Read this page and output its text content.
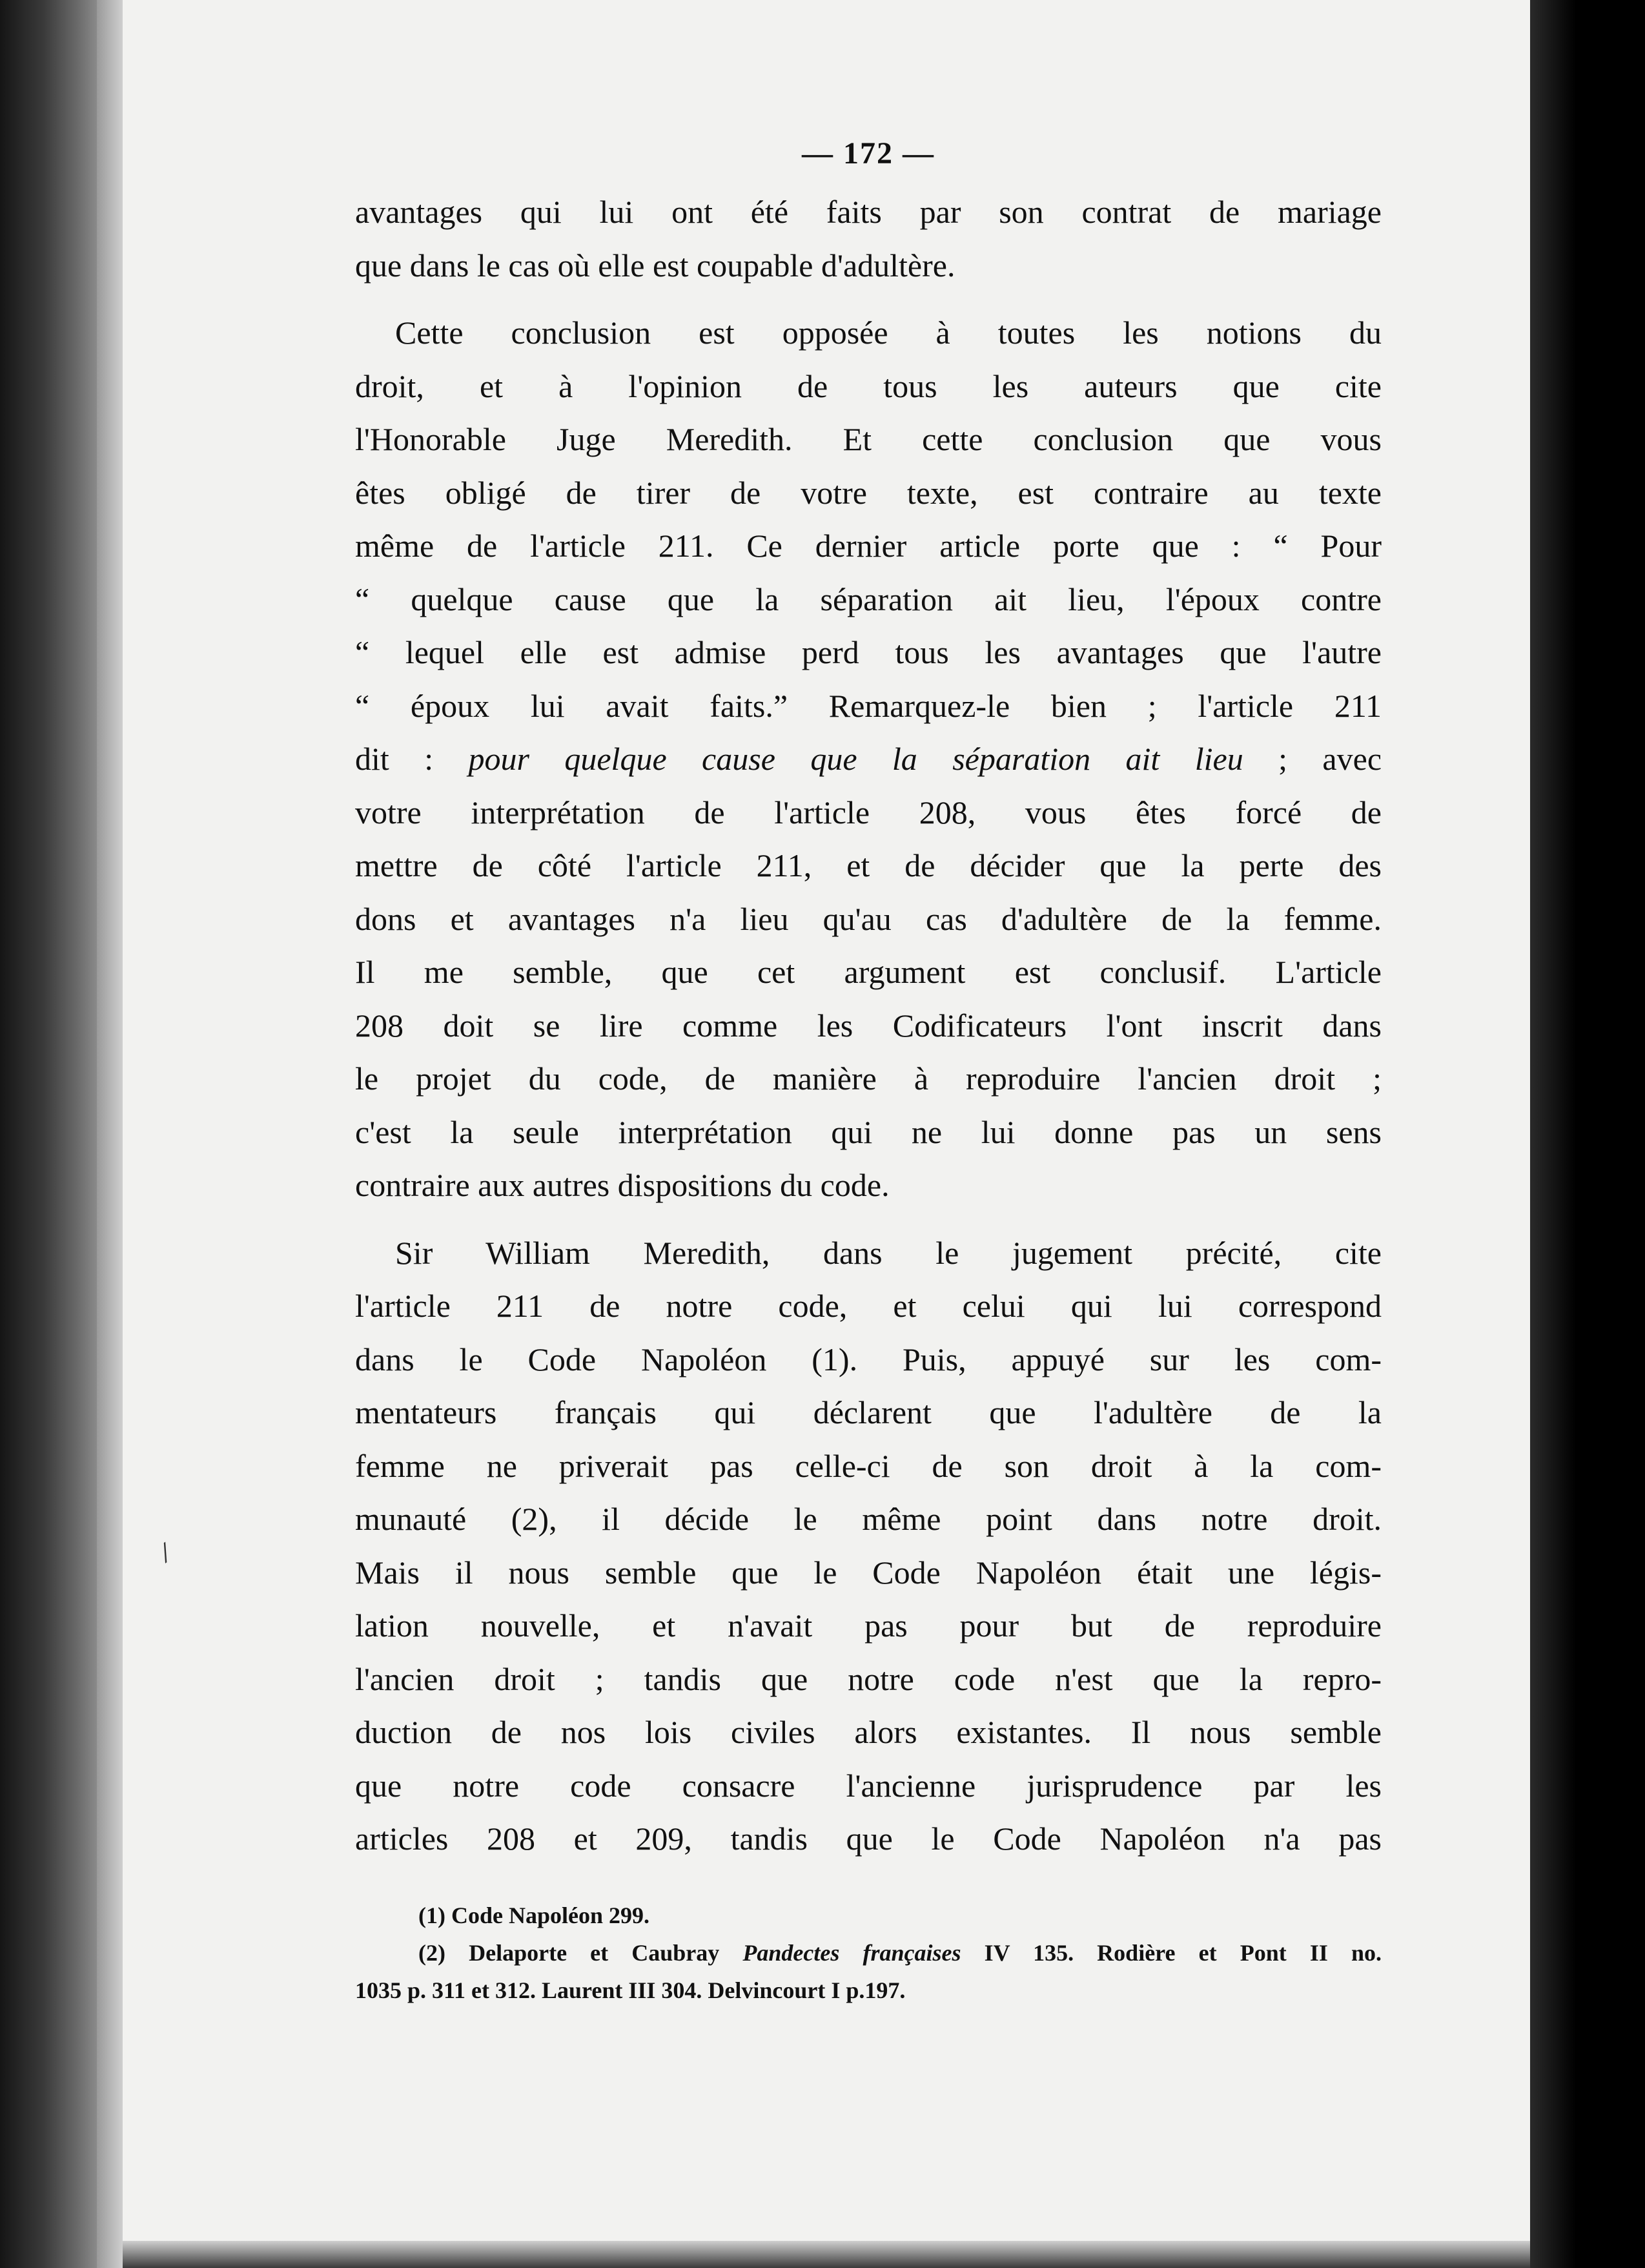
⁄
— 172 —

avantages qui lui ont été faits par son contrat de mariage
que dans le cas où elle est coupable d'adultère.

Cette conclusion est opposée à toutes les notions du
droit, et à l'opinion de tous les auteurs que cite
l'Honorable Juge Meredith. Et cette conclusion que vous
êtes obligé de tirer de votre texte, est contraire au texte
même de l'article 211. Ce dernier article porte que : “ Pour
“ quelque cause que la séparation ait lieu, l'époux contre
“ lequel elle est admise perd tous les avantages que l'autre
“ époux lui avait faits.” Remarquez-le bien ; l'article 211
dit : pour quelque cause que la séparation ait lieu ; avec
votre interprétation de l'article 208, vous êtes forcé de
mettre de côté l'article 211, et de décider que la perte des
dons et avantages n'a lieu qu'au cas d'adultère de la femme.
Il me semble, que cet argument est conclusif. L'article
208 doit se lire comme les Codificateurs l'ont inscrit dans
le projet du code, de manière à reproduire l'ancien droit ;
c'est la seule interprétation qui ne lui donne pas un sens
contraire aux autres dispositions du code.

Sir William Meredith, dans le jugement précité, cite
l'article 211 de notre code, et celui qui lui correspond
dans le Code Napoléon (1). Puis, appuyé sur les com-
mentateurs français qui déclarent que l'adultère de la
femme ne priverait pas celle-ci de son droit à la com-
munauté (2), il décide le même point dans notre droit.
Mais il nous semble que le Code Napoléon était une légis-
lation nouvelle, et n'avait pas pour but de reproduire
l'ancien droit ; tandis que notre code n'est que la repro-
duction de nos lois civiles alors existantes. Il nous semble
que notre code consacre l'ancienne jurisprudence par les
articles 208 et 209, tandis que le Code Napoléon n'a pas

(1) Code Napoléon 299.

(2) Delaporte et Caubray Pandectes françaises IV 135. Rodière et Pont II no.
1035 p. 311 et 312. Laurent III 304. Delvincourt I p.197.
